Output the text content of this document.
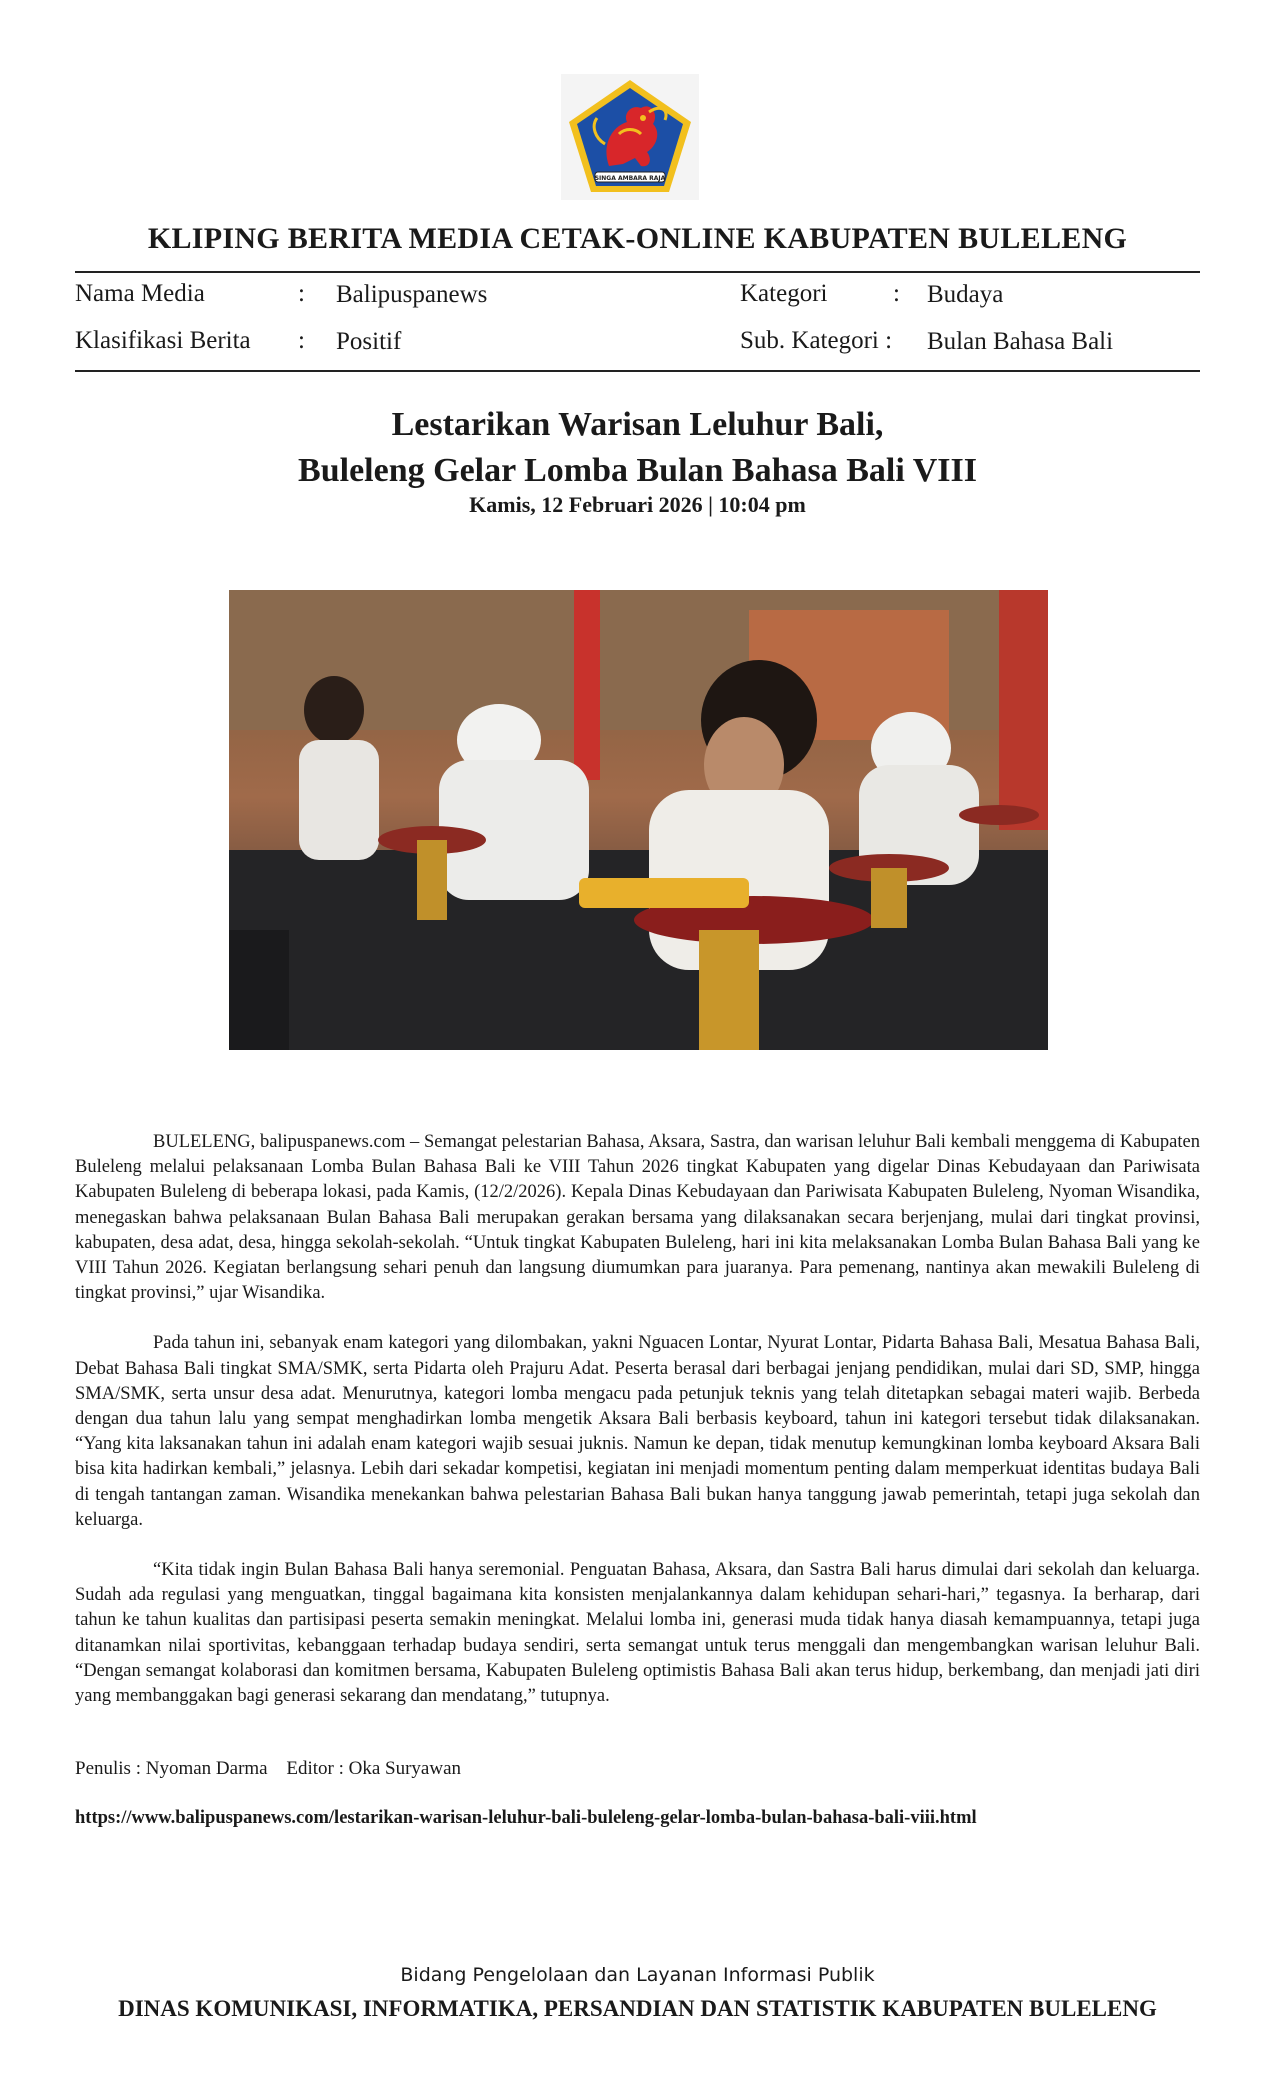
SINGA AMBARA RAJA
KLIPING BERITA MEDIA CETAK-ONLINE KABUPATEN BULELENG
Nama Media	: Balipuspanews	Kategori	: Budaya
Klasifikasi Berita : Positif	Sub. Kategori : Bulan Bahasa Bali
Lestarikan Warisan Leluhur Bali,
Buleleng Gelar Lomba Bulan Bahasa Bali VIII
Kamis, 12 Februari 2026 | 10:04 pm

BULELENG, balipuspanews.com – Semangat pelestarian Bahasa, Aksara, Sastra, dan warisan leluhur Bali kembali menggema di Kabupaten Buleleng melalui pelaksanaan Lomba Bulan Bahasa Bali ke VIII Tahun 2026 tingkat Kabupaten yang digelar Dinas Kebudayaan dan Pariwisata Kabupaten Buleleng di beberapa lokasi, pada Kamis, (12/2/2026). Kepala Dinas Kebudayaan dan Pariwisata Kabupaten Buleleng, Nyoman Wisandika, menegaskan bahwa pelaksanaan Bulan Bahasa Bali merupakan gerakan bersama yang dilaksanakan secara berjenjang, mulai dari tingkat provinsi, kabupaten, desa adat, desa, hingga sekolah-sekolah. “Untuk tingkat Kabupaten Buleleng, hari ini kita melaksanakan Lomba Bulan Bahasa Bali yang ke VIII Tahun 2026. Kegiatan berlangsung sehari penuh dan langsung diumumkan para juaranya. Para pemenang, nantinya akan mewakili Buleleng di tingkat provinsi,” ujar Wisandika.

Pada tahun ini, sebanyak enam kategori yang dilombakan, yakni Nguacen Lontar, Nyurat Lontar, Pidarta Bahasa Bali, Mesatua Bahasa Bali, Debat Bahasa Bali tingkat SMA/SMK, serta Pidarta oleh Prajuru Adat. Peserta berasal dari berbagai jenjang pendidikan, mulai dari SD, SMP, hingga SMA/SMK, serta unsur desa adat. Menurutnya, kategori lomba mengacu pada petunjuk teknis yang telah ditetapkan sebagai materi wajib. Berbeda dengan dua tahun lalu yang sempat menghadirkan lomba mengetik Aksara Bali berbasis keyboard, tahun ini kategori tersebut tidak dilaksanakan. “Yang kita laksanakan tahun ini adalah enam kategori wajib sesuai juknis. Namun ke depan, tidak menutup kemungkinan lomba keyboard Aksara Bali bisa kita hadirkan kembali,” jelasnya. Lebih dari sekadar kompetisi, kegiatan ini menjadi momentum penting dalam memperkuat identitas budaya Bali di tengah tantangan zaman. Wisandika menekankan bahwa pelestarian Bahasa Bali bukan hanya tanggung jawab pemerintah, tetapi juga sekolah dan keluarga.

“Kita tidak ingin Bulan Bahasa Bali hanya seremonial. Penguatan Bahasa, Aksara, dan Sastra Bali harus dimulai dari sekolah dan keluarga. Sudah ada regulasi yang menguatkan, tinggal bagaimana kita konsisten menjalankannya dalam kehidupan sehari-hari,” tegasnya. Ia berharap, dari tahun ke tahun kualitas dan partisipasi peserta semakin meningkat. Melalui lomba ini, generasi muda tidak hanya diasah kemampuannya, tetapi juga ditanamkan nilai sportivitas, kebanggaan terhadap budaya sendiri, serta semangat untuk terus menggali dan mengembangkan warisan leluhur Bali. “Dengan semangat kolaborasi dan komitmen bersama, Kabupaten Buleleng optimistis Bahasa Bali akan terus hidup, berkembang, dan menjadi jati diri yang membanggakan bagi generasi sekarang dan mendatang,” tutupnya.

Penulis : Nyoman Darma Editor : Oka Suryawan
https://www.balipuspanews.com/lestarikan-warisan-leluhur-bali-buleleng-gelar-lomba-bulan-bahasa-bali-viii.html
Bidang Pengelolaan dan Layanan Informasi Publik
DINAS KOMUNIKASI, INFORMATIKA, PERSANDIAN DAN STATISTIK KABUPATEN BULELENG
